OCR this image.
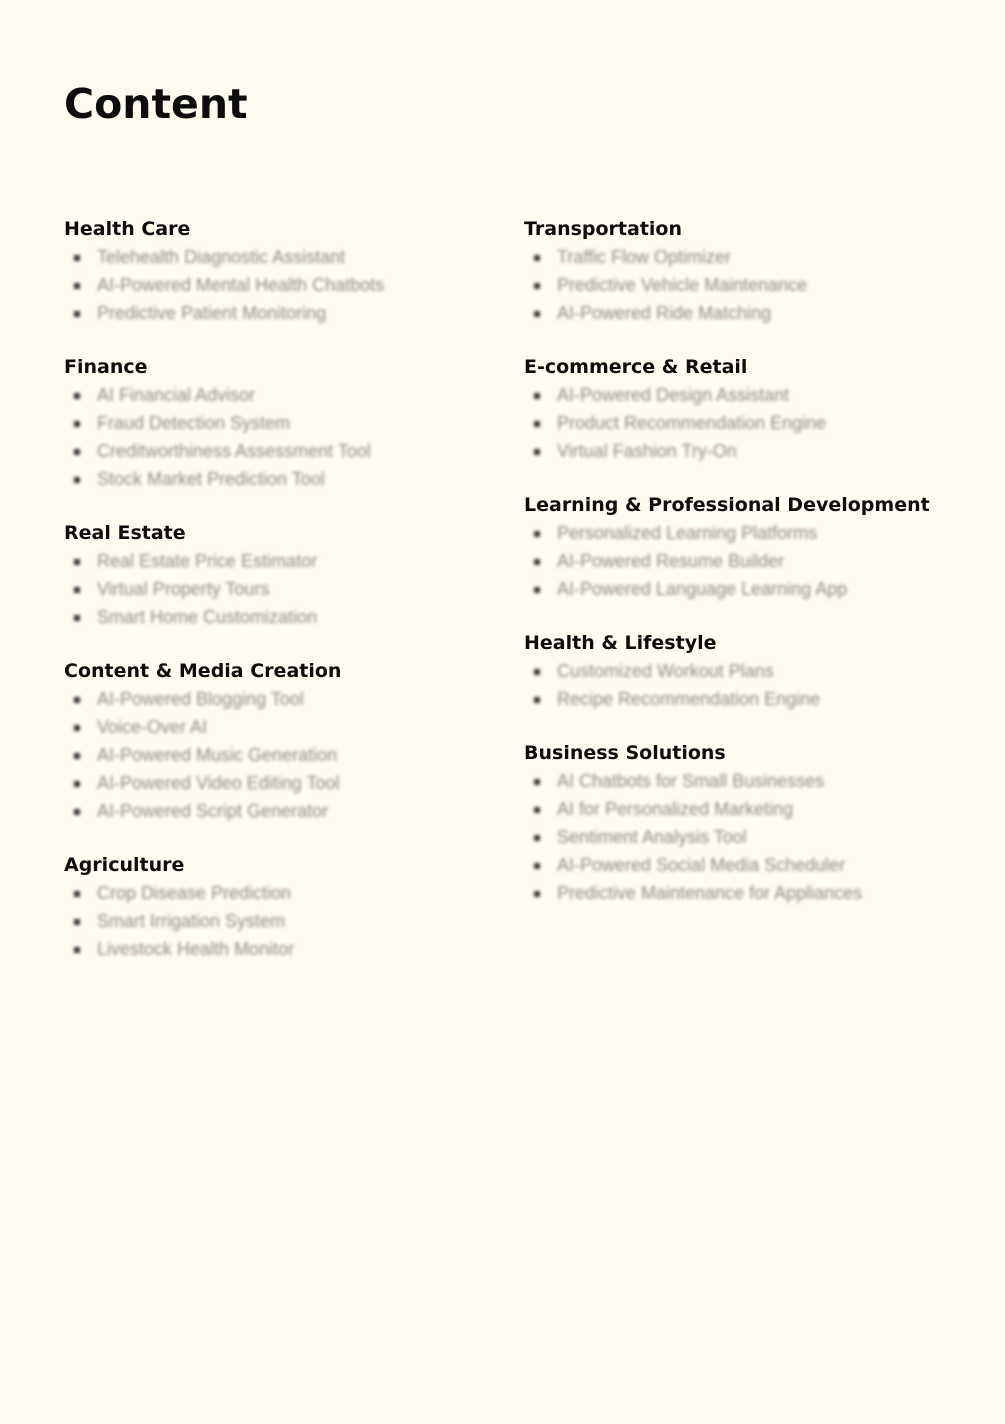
Content
Health Care
Telehealth Diagnostic Assistant
AI-Powered Mental Health Chatbots
Predictive Patient Monitoring
Finance
AI Financial Advisor
Fraud Detection System
Creditworthiness Assessment Tool
Stock Market Prediction Tool
Real Estate
Real Estate Price Estimator
Virtual Property Tours
Smart Home Customization
Content & Media Creation
AI-Powered Blogging Tool
Voice-Over AI
AI-Powered Music Generation
AI-Powered Video Editing Tool
AI-Powered Script Generator
Agriculture
Crop Disease Prediction
Smart Irrigation System
Livestock Health Monitor
Transportation
Traffic Flow Optimizer
Predictive Vehicle Maintenance
AI-Powered Ride Matching
E-commerce & Retail
AI-Powered Design Assistant
Product Recommendation Engine
Virtual Fashion Try-On
Learning & Professional Development
Personalized Learning Platforms
AI-Powered Resume Builder
AI-Powered Language Learning App
Health & Lifestyle
Customized Workout Plans
Recipe Recommendation Engine
Business Solutions
AI Chatbots for Small Businesses
AI for Personalized Marketing
Sentiment Analysis Tool
AI-Powered Social Media Scheduler
Predictive Maintenance for Appliances
